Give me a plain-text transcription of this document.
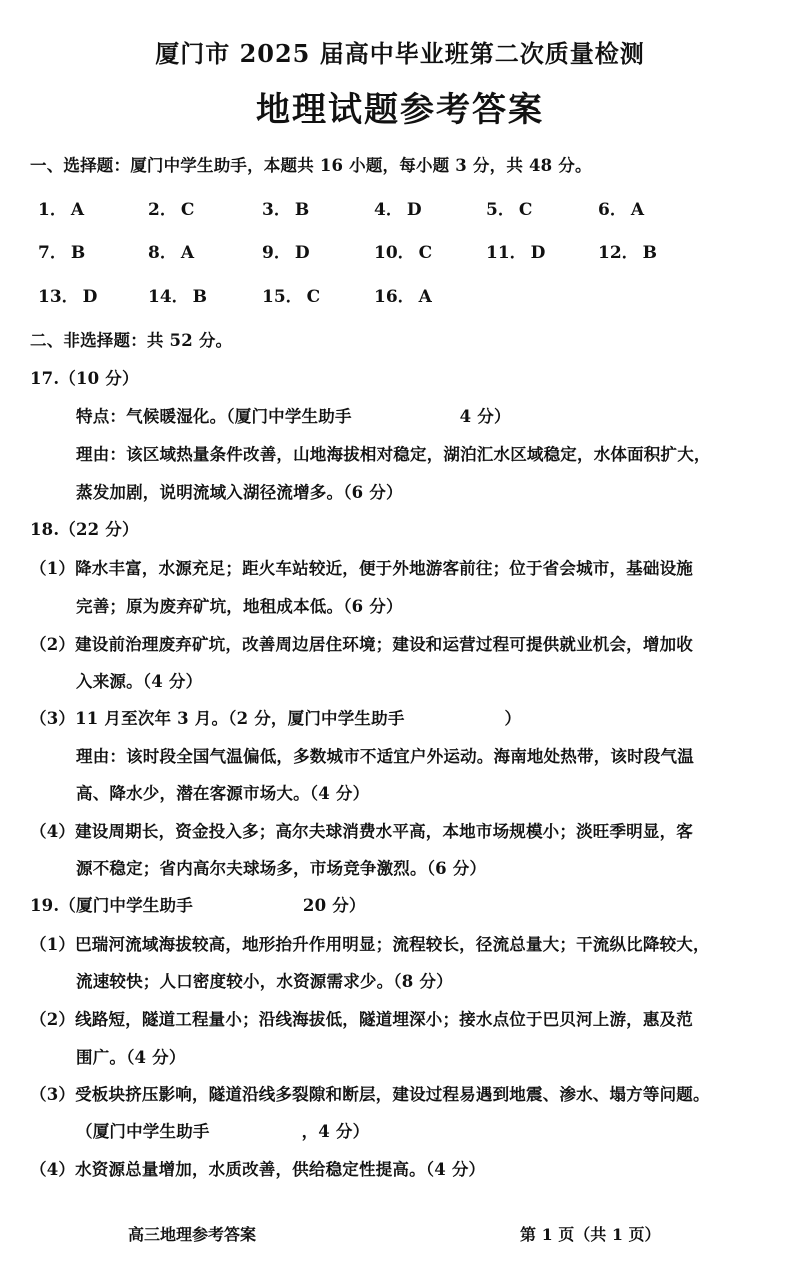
厦门市 2025 届高中毕业班第二次质量检测
地理试题参考答案
一、选择题：厦门中学生助手，本题共 16 小题，每小题 3 分，共 48 分。
1． A	2． C	3． B	4． D	5． C	6． A
7． B	8． A	9． D	10． C	11． D	12． B
13． D	14． B	15． C	16． A
二、非选择题：共 52 分。
17.（10 分）
特点：气候暖湿化。（厦门中学生助手	4 分）
理由：该区域热量条件改善，山地海拔相对稳定，湖泊汇水区域稳定，水体面积扩大，
蒸发加剧，说明流域入湖径流增多。（6 分）
18.（22 分）
（1）降水丰富，水源充足；距火车站较近，便于外地游客前往；位于省会城市，基础设施
完善；原为废弃矿坑，地租成本低。（6 分）
（2）建设前治理废弃矿坑，改善周边居住环境；建设和运营过程可提供就业机会，增加收
入来源。（4 分）
（3）11 月至次年 3 月。（2 分，厦门中学生助手	）
理由：该时段全国气温偏低，多数城市不适宜户外运动。海南地处热带，该时段气温
高、降水少，潜在客源市场大。（4 分）
（4）建设周期长，资金投入多；高尔夫球消费水平高，本地市场规模小；淡旺季明显，客
源不稳定；省内高尔夫球场多，市场竞争激烈。（6 分）
19.（厦门中学生助手	20 分）
（1）巴瑞河流域海拔较高，地形抬升作用明显；流程较长，径流总量大；干流纵比降较大，
流速较快；人口密度较小，水资源需求少。（8 分）
（2）线路短，隧道工程量小；沿线海拔低，隧道埋深小；接水点位于巴贝河上游，惠及范
围广。（4 分）
（3）受板块挤压影响，隧道沿线多裂隙和断层，建设过程易遇到地震、渗水、塌方等问题。
（厦门中学生助手	，4 分）
（4）水资源总量增加，水质改善，供给稳定性提高。（4 分）
高三地理参考答案	第 1 页（共 1 页）
